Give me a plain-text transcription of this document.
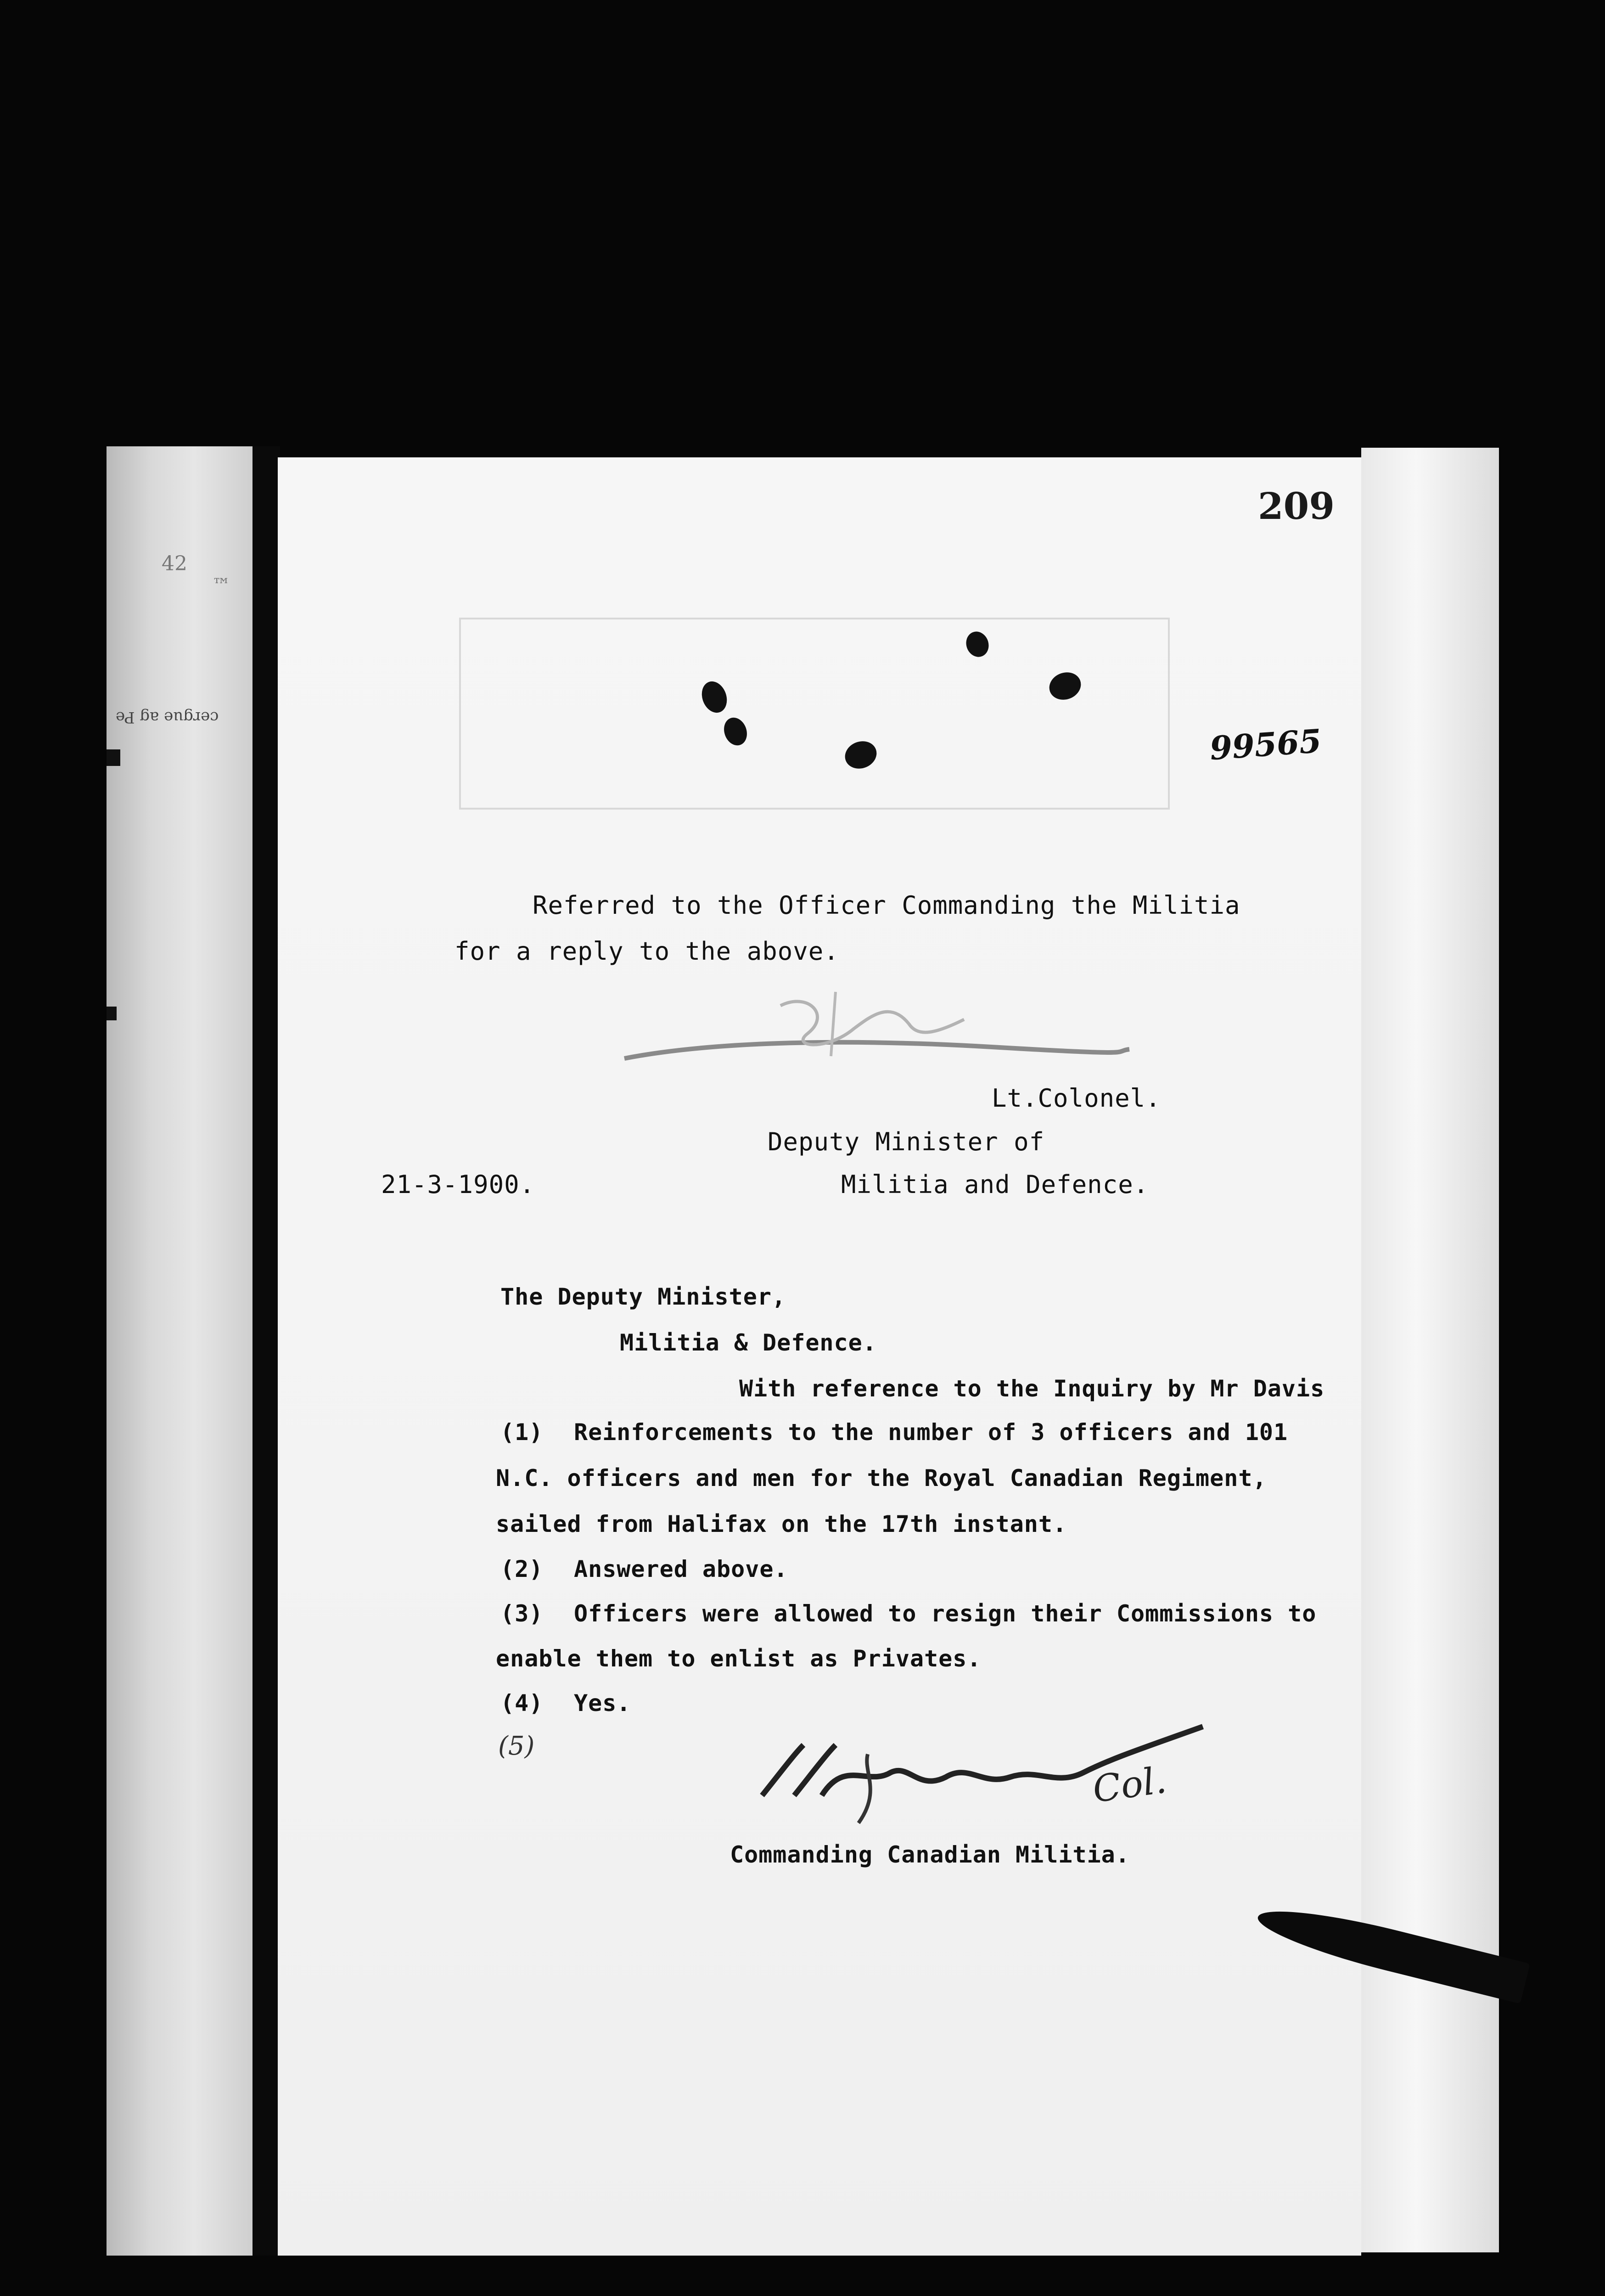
42
™
cergue ag Pe
209
99565
Referred to the Officer Commanding the Militia
for a reply to the above.
Lt.Colonel.
Deputy Minister of
21-3-1900.	Militia and Defence.
The Deputy Minister,
Militia & Defence.
With reference to the Inquiry by Mr Davis
(1) Reinforcements to the number of 3 officers and 101
N.C. officers and men for the Royal Canadian Regiment,
sailed from Halifax on the 17th instant.
(2) Answered above.
(3) Officers were allowed to resign their Commissions to
enable them to enlist as Privates.
(4) Yes.
(5)
Col.
Commanding Canadian Militia.
